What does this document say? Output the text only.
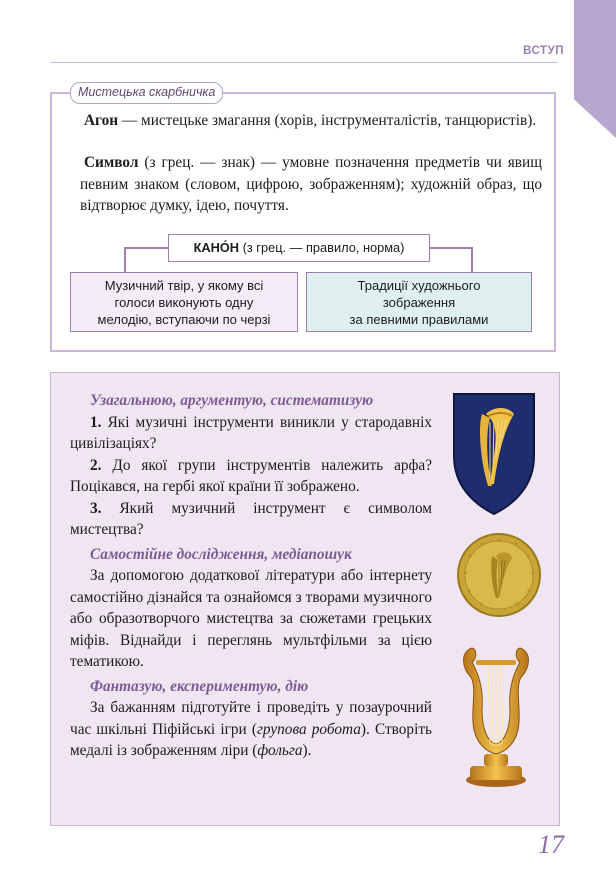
ВСТУП
Мистецька скарбничка
Агон — мистецьке змагання (хорів, інструменталістів, танцюристів).
Символ (з грец. — знак) — умовне позначення предметів чи явищ певним знаком (словом, цифрою, зображенням); художній образ, що відтворює думку, ідею, почуття.
КАНО́Н (з грец. — правило, норма)
Музичний твір, у якому всі
голоси виконують одну
мелодію, вступаючи по черзі
Традиції художнього
зображення
за певними правилами
Узагальнюю, аргументую, систематизую

1. Які музичні інструменти виникли у стародавніх цивілізаціях?

2. До якої групи інструментів належить арфа? Поцікався, на гербі якої країни її зображено.

3. Який музичний інструмент є символом мистецтва?

Самостійне дослідження, медіапошук

За допомогою додаткової літератури або інтернету самостійно дізнайся та ознайомся з творами музичного або образотворчого мистецтва за сюжетами грецьких міфів. Віднайди і переглянь мультфільми за цією тематикою.

Фантазую, експериментую, дію

За бажанням підготуйте і проведіть у позаурочний час шкільні Піфійські ігри (групова робота). Створіть медалі із зображенням ліри (фольга).

17
